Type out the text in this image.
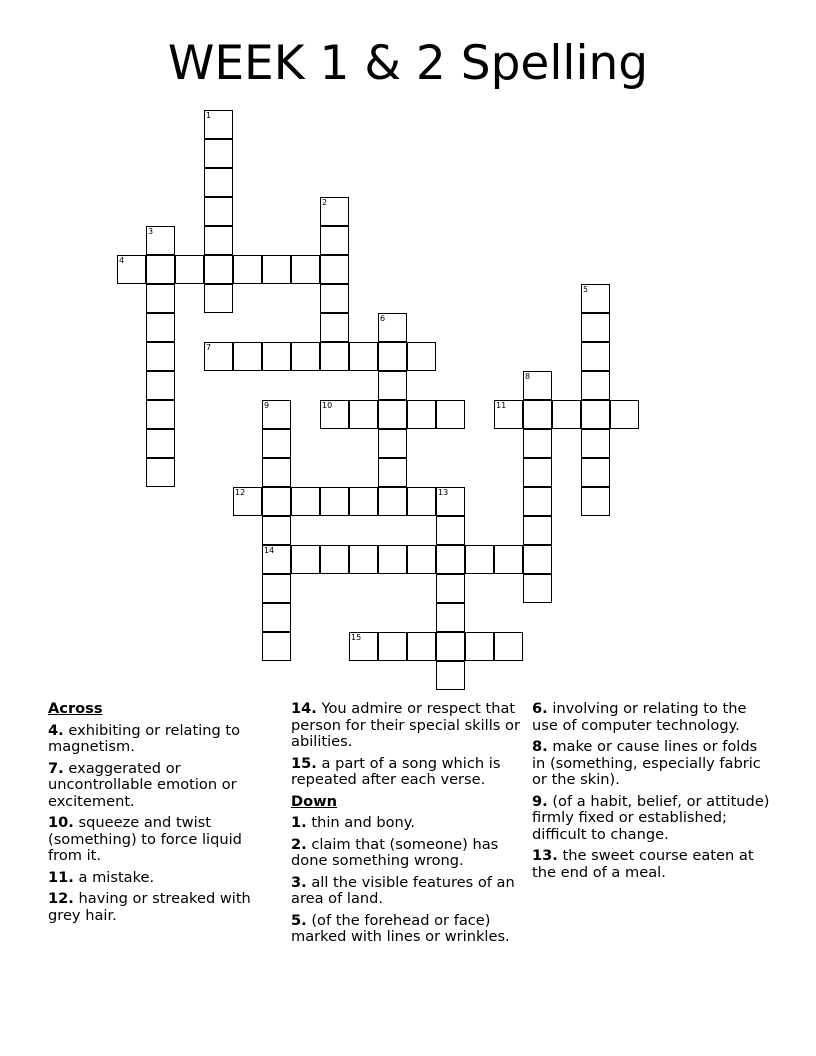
WEEK 1 & 2 Spelling
1
2
3
4
5
6
7
8
9
14
10	11
12	13
15
Across
4. exhibiting or relating to magnetism.
7. exaggerated or uncontrollable emotion or excitement.
10. squeeze and twist (something) to force liquid from it.
11. a mistake.
12. having or streaked with grey hair.
14. You admire or respect that person for their special skills or abilities.
15. a part of a song which is repeated after each verse.
Down
1. thin and bony.
2. claim that (someone) has done something wrong.
3. all the visible features of an area of land.
5. (of the forehead or face) marked with lines or wrinkles.
6. involving or relating to the use of computer technology.
8. make or cause lines or folds in (something, especially fabric or the skin).
9. (of a habit, belief, or attitude) firmly fixed or established; difficult to change.
13. the sweet course eaten at the end of a meal.
